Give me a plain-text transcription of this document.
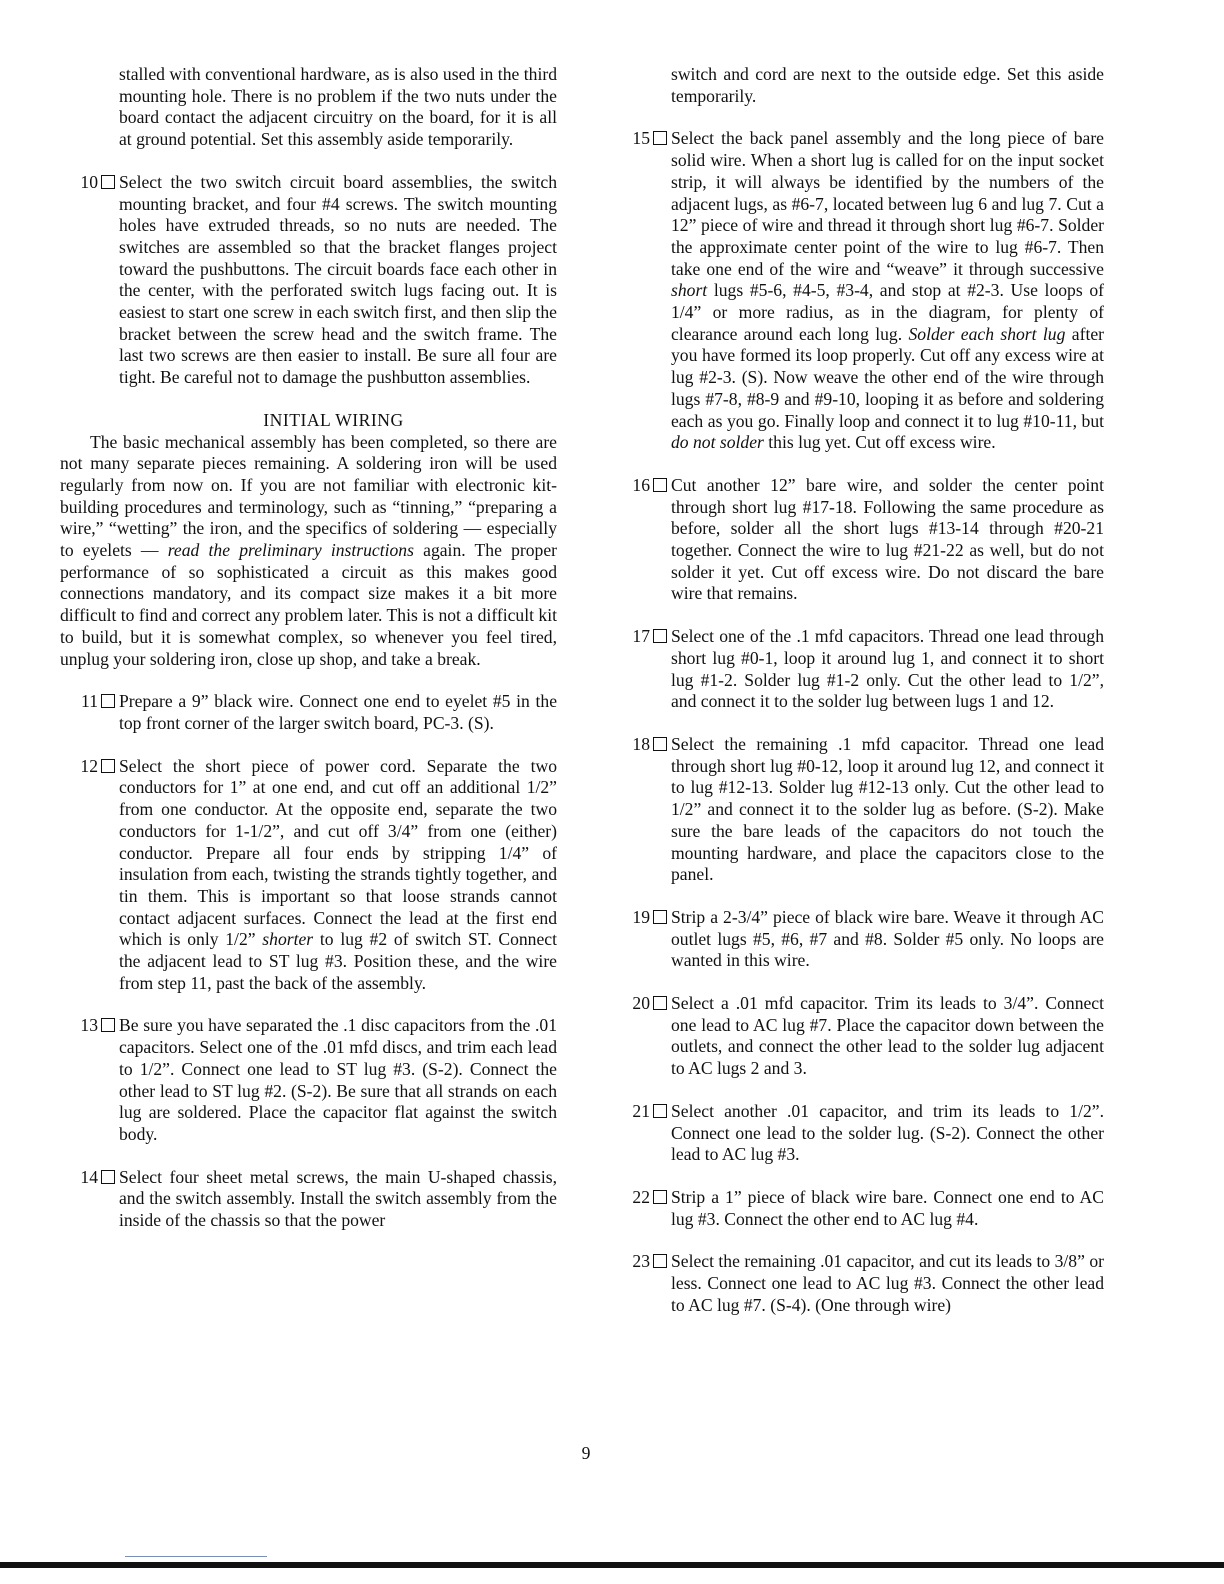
stalled with conventional hardware, as is also used in the third mounting hole. There is no problem if the two nuts under the board contact the adjacent circuitry on the board, for it is all at ground potential. Set this assembly aside temporarily.

10	Select the two switch circuit board assemblies, the switch mounting bracket, and four #4 screws. The switch mounting holes have extruded threads, so no nuts are needed. The switches are assembled so that the bracket flanges project toward the pushbuttons. The circuit boards face each other in the center, with the perforated switch lugs facing out. It is easiest to start one screw in each switch first, and then slip the bracket between the screw head and the switch frame. The last two screws are then easier to install. Be sure all four are tight. Be careful not to damage the pushbutton assemblies.
INITIAL WIRING

The basic mechanical assembly has been completed, so there are not many separate pieces remaining. A soldering iron will be used regularly from now on. If you are not familiar with electronic kit-building procedures and terminology, such as “tinning,” “preparing a wire,” “wetting” the iron, and the specifics of soldering — especially to eyelets — read the preliminary instructions again. The proper performance of so sophisticated a circuit as this makes good connections mandatory, and its compact size makes it a bit more difficult to find and correct any problem later. This is not a difficult kit to build, but it is somewhat complex, so whenever you feel tired, unplug your soldering iron, close up shop, and take a break.

11	Prepare a 9” black wire. Connect one end to eyelet #5 in the top front corner of the larger switch board, PC-3. (S).
12	Select the short piece of power cord. Separate the two conductors for 1” at one end, and cut off an additional 1/2” from one conductor. At the opposite end, separate the two conductors for 1-1/2”, and cut off 3/4” from one (either) conductor. Prepare all four ends by stripping 1/4” of insulation from each, twisting the strands tightly together, and tin them. This is important so that loose strands cannot contact adjacent surfaces. Connect the lead at the first end which is only 1/2” shorter to lug #2 of switch ST. Connect the adjacent lead to ST lug #3. Position these, and the wire from step 11, past the back of the assembly.
13	Be sure you have separated the .1 disc capacitors from the .01 capacitors. Select one of the .01 mfd discs, and trim each lead to 1/2”. Connect one lead to ST lug #3. (S-2). Connect the other lead to ST lug #2. (S-2). Be sure that all strands on each lug are soldered. Place the capacitor flat against the switch body.
14	Select four sheet metal screws, the main U-shaped chassis, and the switch assembly. Install the switch assembly from the inside of the chassis so that the power

switch and cord are next to the outside edge. Set this aside temporarily.

15	Select the back panel assembly and the long piece of bare solid wire. When a short lug is called for on the input socket strip, it will always be identified by the numbers of the adjacent lugs, as #6-7, located between lug 6 and lug 7. Cut a 12” piece of wire and thread it through short lug #6-7. Solder the approximate center point of the wire to lug #6-7. Then take one end of the wire and “weave” it through successive short lugs #5-6, #4-5, #3-4, and stop at #2-3. Use loops of 1/4” or more radius, as in the diagram, for plenty of clearance around each long lug. Solder each short lug after you have formed its loop properly. Cut off any excess wire at lug #2-3. (S). Now weave the other end of the wire through lugs #7-8, #8-9 and #9-10, looping it as before and soldering each as you go. Finally loop and connect it to lug #10-11, but do not solder this lug yet. Cut off excess wire.
16	Cut another 12” bare wire, and solder the center point through short lug #17-18. Following the same procedure as before, solder all the short lugs #13-14 through #20-21 together. Connect the wire to lug #21-22 as well, but do not solder it yet. Cut off excess wire. Do not discard the bare wire that remains.
17	Select one of the .1 mfd capacitors. Thread one lead through short lug #0-1, loop it around lug 1, and connect it to short lug #1-2. Solder lug #1-2 only. Cut the other lead to 1/2”, and connect it to the solder lug between lugs 1 and 12.
18	Select the remaining .1 mfd capacitor. Thread one lead through short lug #0-12, loop it around lug 12, and connect it to lug #12-13. Solder lug #12-13 only. Cut the other lead to 1/2” and connect it to the solder lug as before. (S-2). Make sure the bare leads of the capacitors do not touch the mounting hardware, and place the capacitors close to the panel.
19	Strip a 2-3/4” piece of black wire bare. Weave it through AC outlet lugs #5, #6, #7 and #8. Solder #5 only. No loops are wanted in this wire.
20	Select a .01 mfd capacitor. Trim its leads to 3/4”. Connect one lead to AC lug #7. Place the capacitor down between the outlets, and connect the other lead to the solder lug adjacent to AC lugs 2 and 3.
21	Select another .01 capacitor, and trim its leads to 1/2”. Connect one lead to the solder lug. (S-2). Connect the other lead to AC lug #3.
22	Strip a 1” piece of black wire bare. Connect one end to AC lug #3. Connect the other end to AC lug #4.
23	Select the remaining .01 capacitor, and cut its leads to 3/8” or less. Connect one lead to AC lug #3. Connect the other lead to AC lug #7. (S-4). (One through wire)
9
